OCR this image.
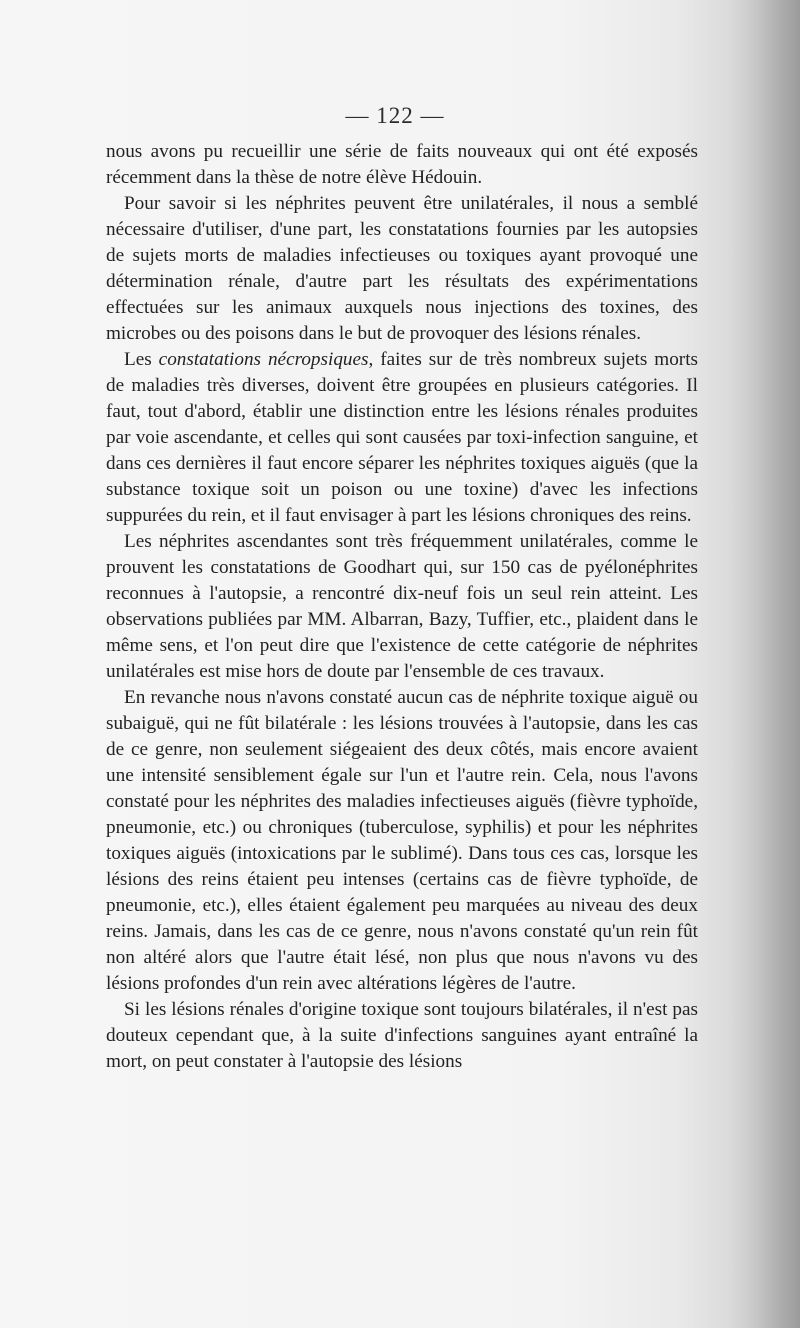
— 122 —

nous avons pu recueillir une série de faits nouveaux qui ont été exposés récemment dans la thèse de notre élève Hédouin.

Pour savoir si les néphrites peuvent être unilatérales, il nous a semblé nécessaire d'utiliser, d'une part, les constatations fournies par les autopsies de sujets morts de maladies infectieuses ou toxiques ayant provoqué une détermination rénale, d'autre part les résultats des expérimentations effectuées sur les animaux auxquels nous injections des toxines, des microbes ou des poisons dans le but de provoquer des lésions rénales.

Les constatations nécropsiques, faites sur de très nombreux sujets morts de maladies très diverses, doivent être groupées en plusieurs catégories. Il faut, tout d'abord, établir une distinction entre les lésions rénales produites par voie ascendante, et celles qui sont causées par toxi-infection sanguine, et dans ces dernières il faut encore séparer les néphrites toxiques aiguës (que la substance toxique soit un poison ou une toxine) d'avec les infections suppurées du rein, et il faut envisager à part les lésions chroniques des reins.

Les néphrites ascendantes sont très fréquemment unilatérales, comme le prouvent les constatations de Goodhart qui, sur 150 cas de pyélonéphrites reconnues à l'autopsie, a rencontré dix-neuf fois un seul rein atteint. Les observations publiées par MM. Albarran, Bazy, Tuffier, etc., plaident dans le même sens, et l'on peut dire que l'existence de cette catégorie de néphrites unilatérales est mise hors de doute par l'ensemble de ces travaux.

En revanche nous n'avons constaté aucun cas de néphrite toxique aiguë ou subaiguë, qui ne fût bilatérale : les lésions trouvées à l'autopsie, dans les cas de ce genre, non seulement siégeaient des deux côtés, mais encore avaient une intensité sensiblement égale sur l'un et l'autre rein. Cela, nous l'avons constaté pour les néphrites des maladies infectieuses aiguës (fièvre typhoïde, pneumonie, etc.) ou chroniques (tuberculose, syphilis) et pour les néphrites toxiques aiguës (intoxications par le sublimé). Dans tous ces cas, lorsque les lésions des reins étaient peu intenses (certains cas de fièvre typhoïde, de pneumonie, etc.), elles étaient également peu marquées au niveau des deux reins. Jamais, dans les cas de ce genre, nous n'avons constaté qu'un rein fût non altéré alors que l'autre était lésé, non plus que nous n'avons vu des lésions profondes d'un rein avec altérations légères de l'autre.

Si les lésions rénales d'origine toxique sont toujours bilatérales, il n'est pas douteux cependant que, à la suite d'infections sanguines ayant entraîné la mort, on peut constater à l'autopsie des lésions
